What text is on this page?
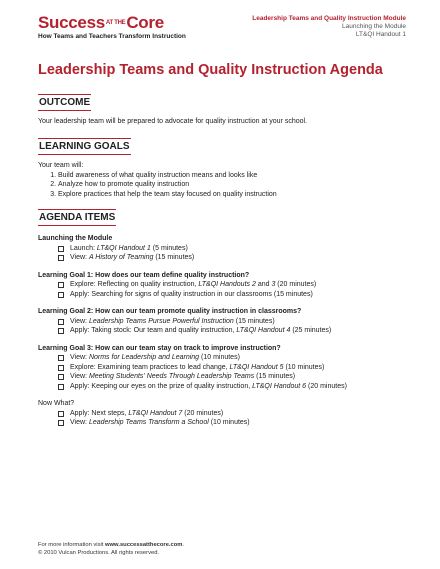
Success$^{AT THE}$Core
How Teams and Teachers Transform Instruction
Leadership Teams and Quality Instruction Module
Launching the Module
LT&QI Handout 1
Leadership Teams and Quality Instruction Agenda
OUTCOME
Your leadership team will be prepared to advocate for quality instruction at your school.
LEARNING GOALS
Your team will:
1. Build awareness of what quality instruction means and looks like
2. Analyze how to promote quality instruction
3. Explore practices that help the team stay focused on quality instruction
AGENDA ITEMS
Launching the Module
Launch: LT&QI Handout 1 (5 minutes)
View: A History of Teaming (15 minutes)
Learning Goal 1: How does our team define quality instruction?
Explore: Reflecting on quality instruction, LT&QI Handouts 2 and 3 (20 minutes)
Apply: Searching for signs of quality instruction in our classrooms (15 minutes)
Learning Goal 2: How can our team promote quality instruction in classrooms?
View: Leadership Teams Pursue Powerful Instruction (15 minutes)
Apply: Taking stock: Our team and quality instruction, LT&QI Handout 4 (25 minutes)
Learning Goal 3: How can our team stay on track to improve instruction?
View: Norms for Leadership and Learning (10 minutes)
Explore: Examining team practices to lead change, LT&QI Handout 5 (10 minutes)
View: Meeting Students' Needs Through Leadership Teams (15 minutes)
Apply: Keeping our eyes on the prize of quality instruction, LT&QI Handout 6 (20 minutes)
Now What?
Apply: Next steps, LT&QI Handout 7 (20 minutes)
View: Leadership Teams Transform a School (10 minutes)
For more information visit www.successatthecore.com.
© 2010 Vulcan Productions. All rights reserved.
